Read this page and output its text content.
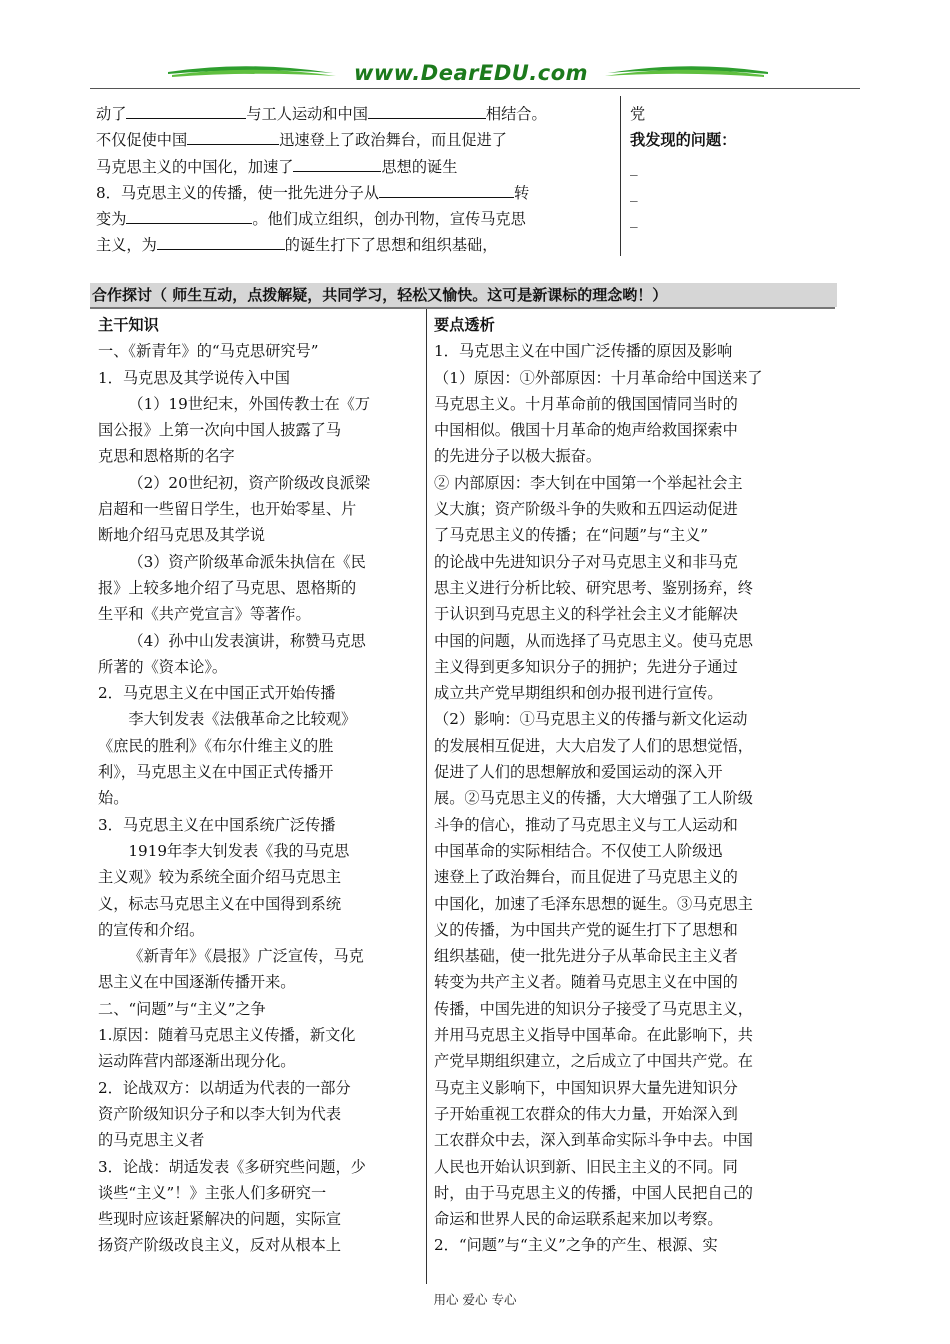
www.DearEDU.com

动了	与工人运动和中国	相结合。

不仅促使中国	迅速登上了政治舞台，而且促进了

马克思主义的中国化，加速了	思想的诞生

8．马克思主义的传播，使一批先进分子从	转

变为	。他们成立组织，创办刊物，宣传马克思

主义，为	的诞生打下了思想和组织基础，

党

我发现的问题：

_

_

_

合作探讨（ 师生互动，点拨解疑，共同学习，轻松又愉快。这可是新课标的理念哟！）

主干知识

一、《新青年》的“马克思研究号”

1．马克思及其学说传入中国

（1）19世纪末，外国传教士在《万

国公报》上第一次向中国人披露了马

克思和恩格斯的名字

（2）20世纪初，资产阶级改良派梁

启超和一些留日学生，也开始零星、片

断地介绍马克思及其学说

（3）资产阶级革命派朱执信在《民

报》上较多地介绍了马克思、恩格斯的

生平和《共产党宣言》等著作。

（4）孙中山发表演讲，称赞马克思

所著的《资本论》。

2．马克思主义在中国正式开始传播

李大钊发表《法俄革命之比较观》

《庶民的胜利》《布尔什维主义的胜

利》，马克思主义在中国正式传播开

始。

3．马克思主义在中国系统广泛传播

1919年李大钊发表《我的马克思

主义观》较为系统全面介绍马克思主

义，标志马克思主义在中国得到系统

的宣传和介绍。

《新青年》《晨报》广泛宣传，马克

思主义在中国逐渐传播开来。

二、“问题”与“主义”之争

1.原因：随着马克思主义传播，新文化

运动阵营内部逐渐出现分化。

2．论战双方：以胡适为代表的一部分

资产阶级知识分子和以李大钊为代表

的马克思主义者

3．论战：胡适发表《多研究些问题，少

谈些“主义”！》主张人们多研究一

些现时应该赶紧解决的问题，实际宣

扬资产阶级改良主义，反对从根本上

要点透析

1．马克思主义在中国广泛传播的原因及影响

（1）原因：①外部原因：十月革命给中国送来了

马克思主义。十月革命前的俄国国情同当时的

中国相似。俄国十月革命的炮声给救国探索中

的先进分子以极大振奋。

② 内部原因：李大钊在中国第一个举起社会主

义大旗；资产阶级斗争的失败和五四运动促进

了马克思主义的传播；在“问题”与“主义”

的论战中先进知识分子对马克思主义和非马克

思主义进行分析比较、研究思考、鉴别扬弃，终

于认识到马克思主义的科学社会主义才能解决

中国的问题，从而选择了马克思主义。使马克思

主义得到更多知识分子的拥护；先进分子通过

成立共产党早期组织和创办报刊进行宣传。

（2）影响：①马克思主义的传播与新文化运动

的发展相互促进，大大启发了人们的思想觉悟，

促进了人们的思想解放和爱国运动的深入开

展。②马克思主义的传播，大大增强了工人阶级

斗争的信心，推动了马克思主义与工人运动和

中国革命的实际相结合。不仅使工人阶级迅

速登上了政治舞台，而且促进了马克思主义的

中国化，加速了毛泽东思想的诞生。③马克思主

义的传播，为中国共产党的诞生打下了思想和

组织基础，使一批先进分子从革命民主主义者

转变为共产主义者。随着马克思主义在中国的

传播，中国先进的知识分子接受了马克思主义，

并用马克思主义指导中国革命。在此影响下，共

产党早期组织建立，之后成立了中国共产党。在

马克主义影响下，中国知识界大量先进知识分

子开始重视工农群众的伟大力量，开始深入到

工农群众中去，深入到革命实际斗争中去。中国

人民也开始认识到新、旧民主主义的不同。同

时，由于马克思主义的传播，中国人民把自己的

命运和世界人民的命运联系起来加以考察。

2．“问题”与“主义”之争的产生、根源、实

用心 爱心 专心
